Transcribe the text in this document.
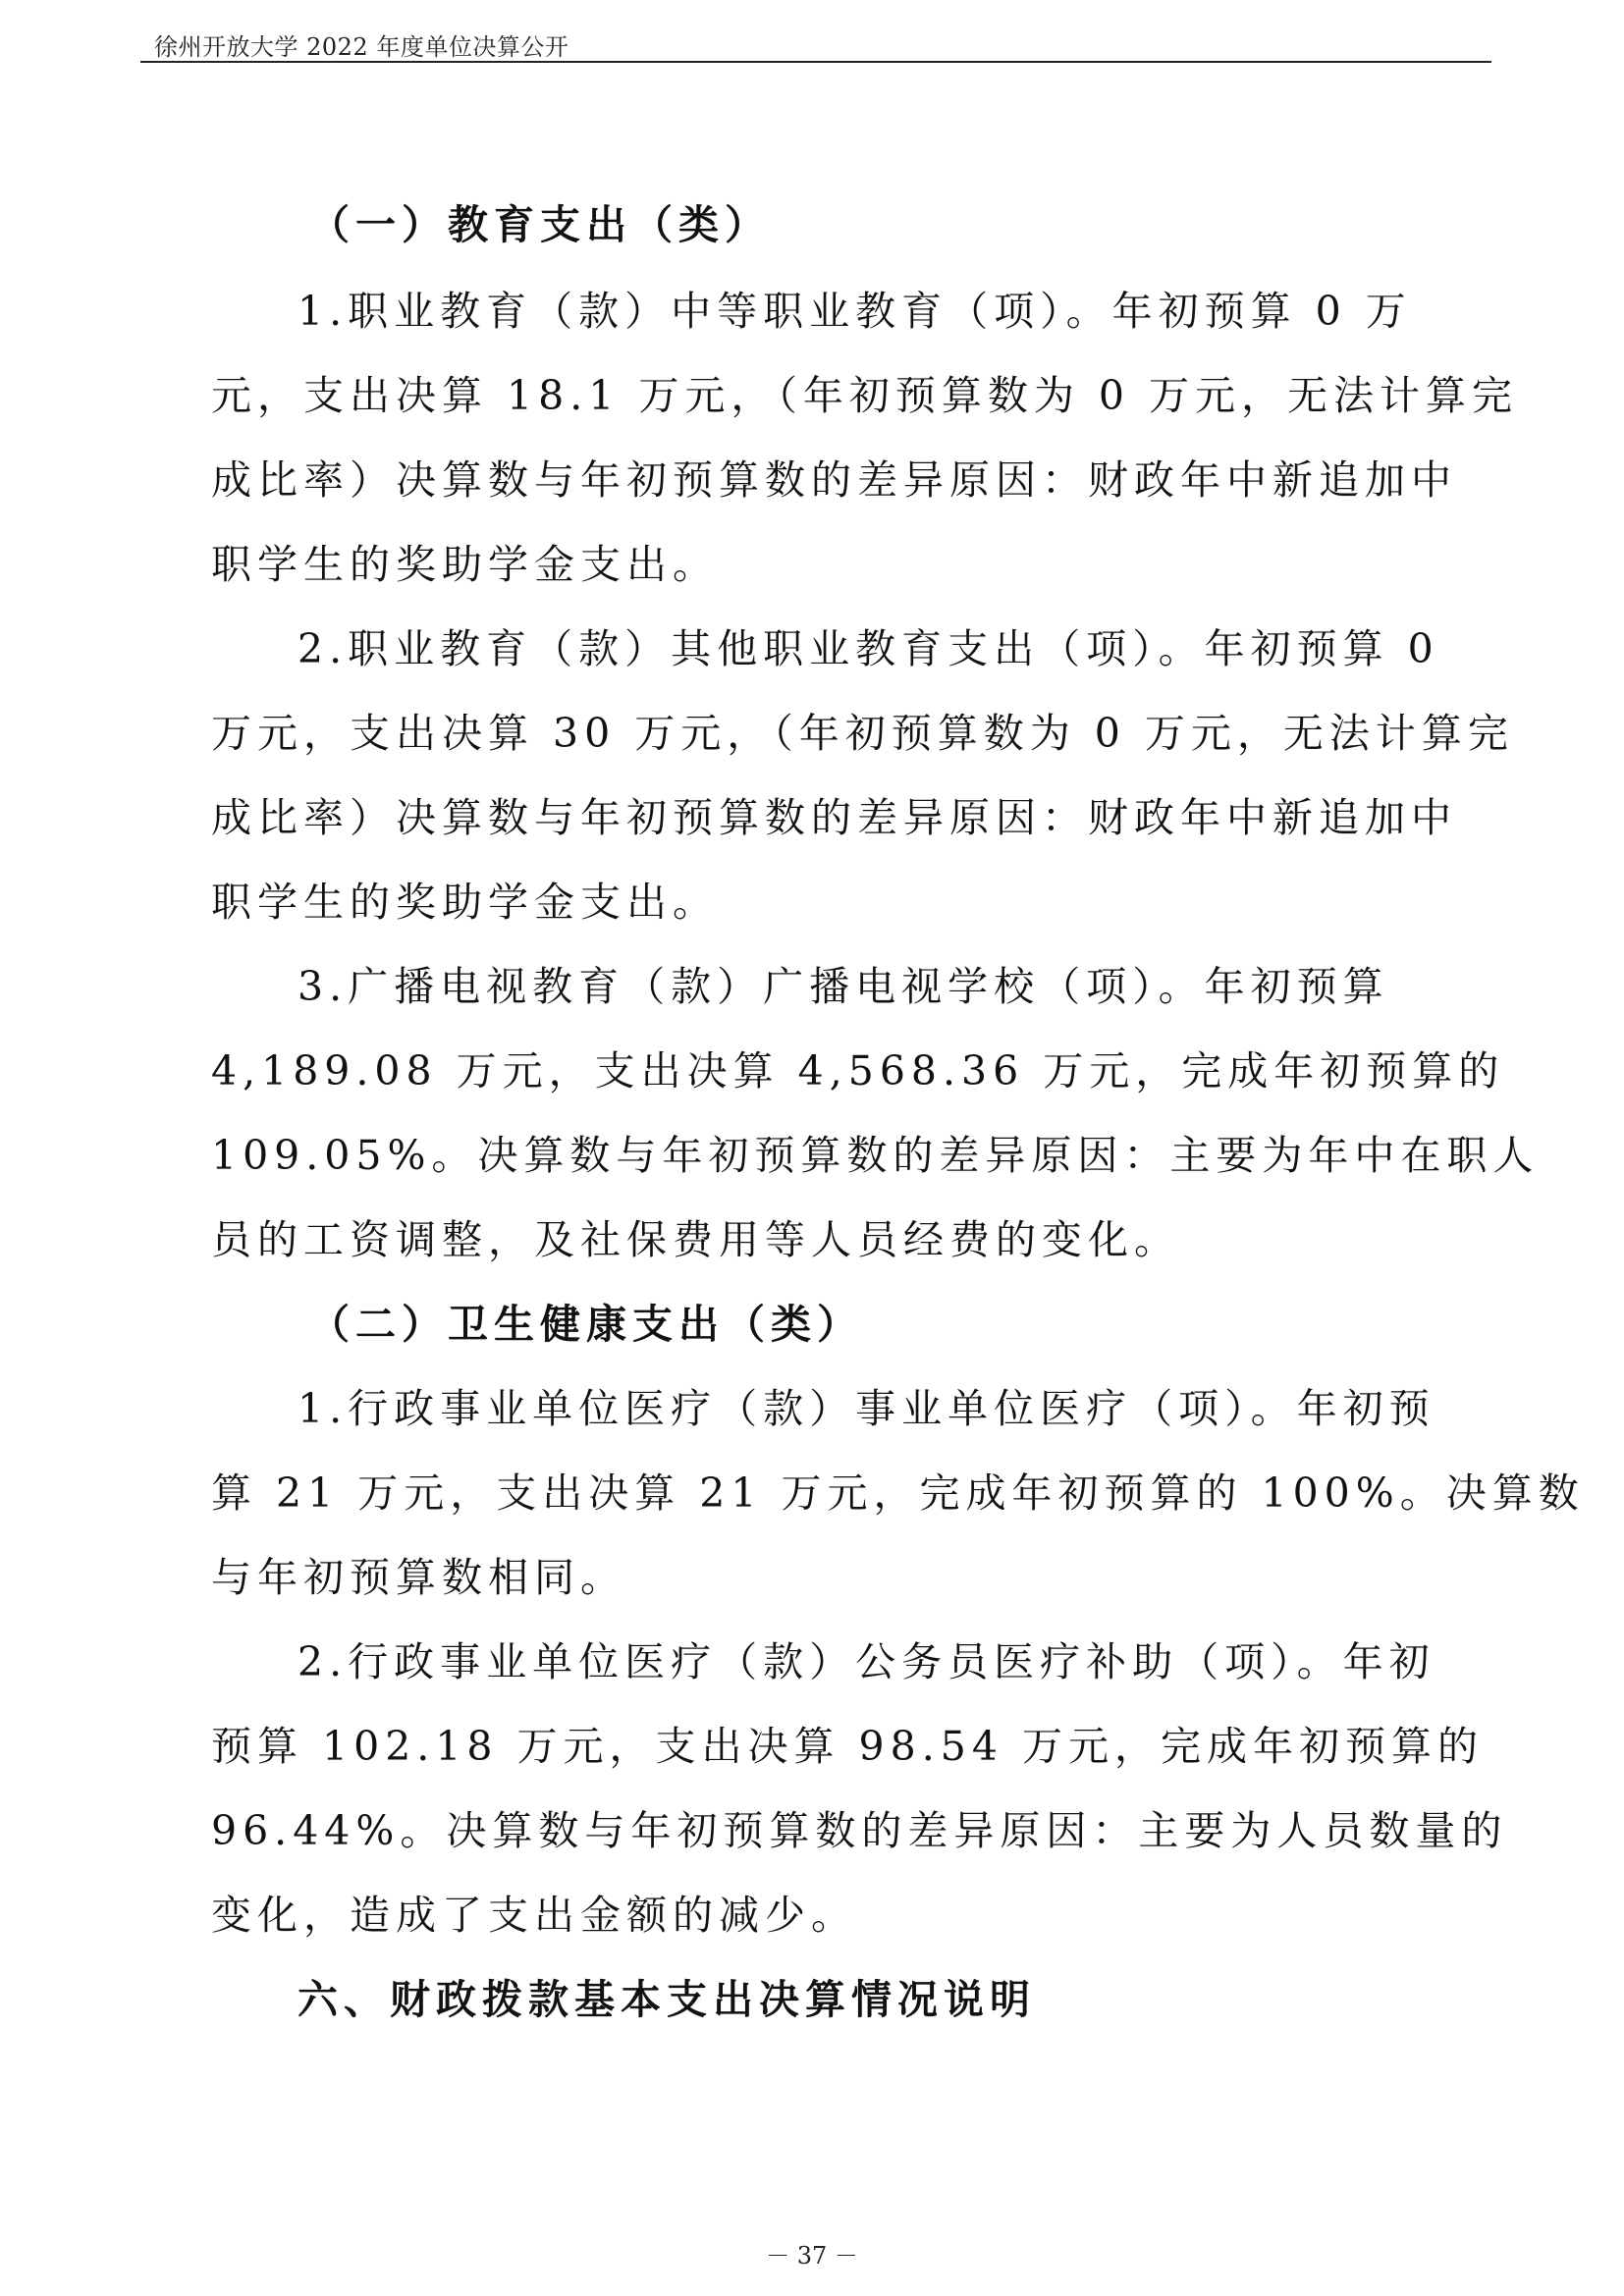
徐州开放大学 2022 年度单位决算公开
（一）教育支出（类）
1.职业教育（款）中等职业教育（项）。年初预算 0 万
元，支出决算 18.1 万元，（年初预算数为 0 万元，无法计算完
成比率）决算数与年初预算数的差异原因：财政年中新追加中
职学生的奖助学金支出。
2.职业教育（款）其他职业教育支出（项）。年初预算 0
万元，支出决算 30 万元，（年初预算数为 0 万元，无法计算完
成比率）决算数与年初预算数的差异原因：财政年中新追加中
职学生的奖助学金支出。
3.广播电视教育（款）广播电视学校（项）。年初预算
4,189.08 万元，支出决算 4,568.36 万元，完成年初预算的
109.05%。决算数与年初预算数的差异原因：主要为年中在职人
员的工资调整，及社保费用等人员经费的变化。
（二）卫生健康支出（类）
1.行政事业单位医疗（款）事业单位医疗（项）。年初预
算 21 万元，支出决算 21 万元，完成年初预算的 100%。决算数
与年初预算数相同。
2.行政事业单位医疗（款）公务员医疗补助（项）。年初
预算 102.18 万元，支出决算 98.54 万元，完成年初预算的
96.44%。决算数与年初预算数的差异原因：主要为人员数量的
变化，造成了支出金额的减少。
六、财政拨款基本支出决算情况说明
－ 37 －
